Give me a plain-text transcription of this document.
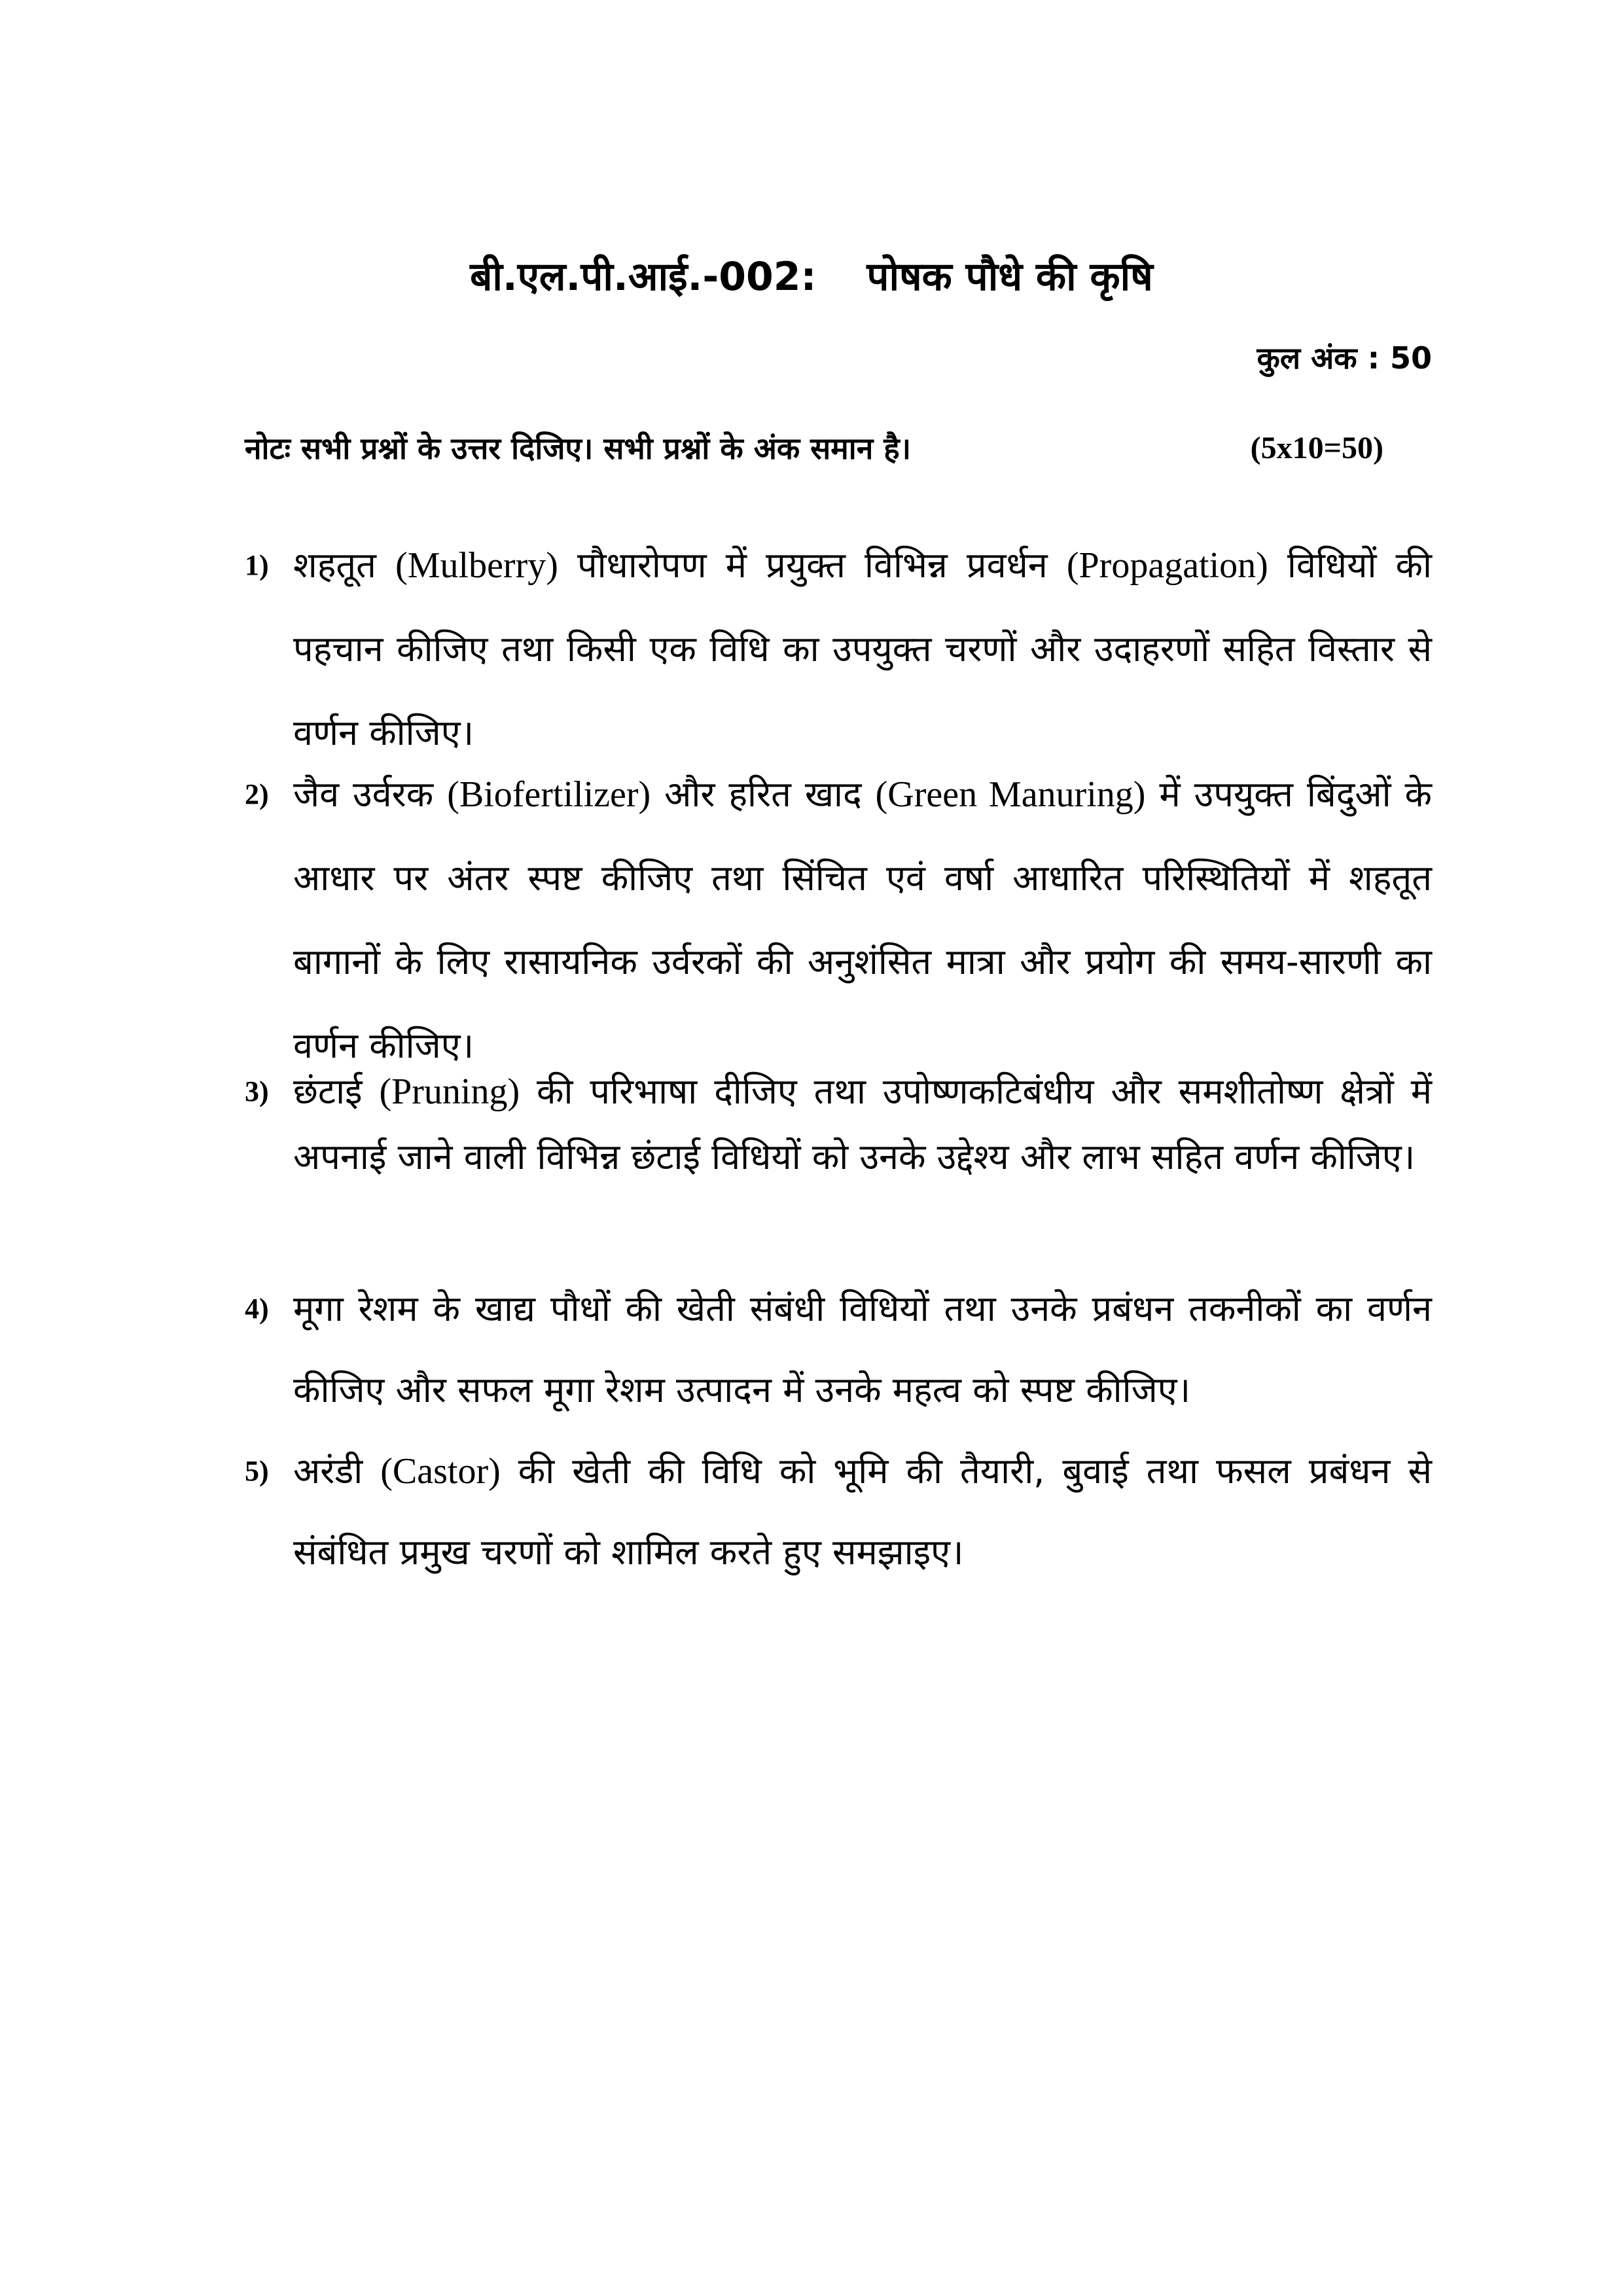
बी.एल.पी.आई.-002: पोषक पौधे की कृषि
कुल अंक : 50
नोटः सभी प्रश्नों के उत्तर दिजिए। सभी प्रश्नों के अंक समान है।	(5x10=50)
1) शहतूत (Mulberry) पौधारोपण में प्रयुक्त विभिन्न प्रवर्धन (Propagation) विधियों की पहचान कीजिए तथा किसी एक विधि का उपयुक्त चरणों और उदाहरणों सहित विस्तार से वर्णन कीजिए।
2) जैव उर्वरक (Biofertilizer) और हरित खाद (Green Manuring) में उपयुक्त बिंदुओं के आधार पर अंतर स्पष्ट कीजिए तथा सिंचित एवं वर्षा आधारित परिस्थितियों में शहतूत बागानों के लिए रासायनिक उर्वरकों की अनुशंसित मात्रा और प्रयोग की समय-सारणी का वर्णन कीजिए।
3) छंटाई (Pruning) की परिभाषा दीजिए तथा उपोष्णकटिबंधीय और समशीतोष्ण क्षेत्रों में अपनाई जाने वाली विभिन्न छंटाई विधियों को उनके उद्देश्य और लाभ सहित वर्णन कीजिए।
4) मूगा रेशम के खाद्य पौधों की खेती संबंधी विधियों तथा उनके प्रबंधन तकनीकों का वर्णन कीजिए और सफल मूगा रेशम उत्पादन में उनके महत्व को स्पष्ट कीजिए।
5) अरंडी (Castor) की खेती की विधि को भूमि की तैयारी, बुवाई तथा फसल प्रबंधन से संबंधित प्रमुख चरणों को शामिल करते हुए समझाइए।
